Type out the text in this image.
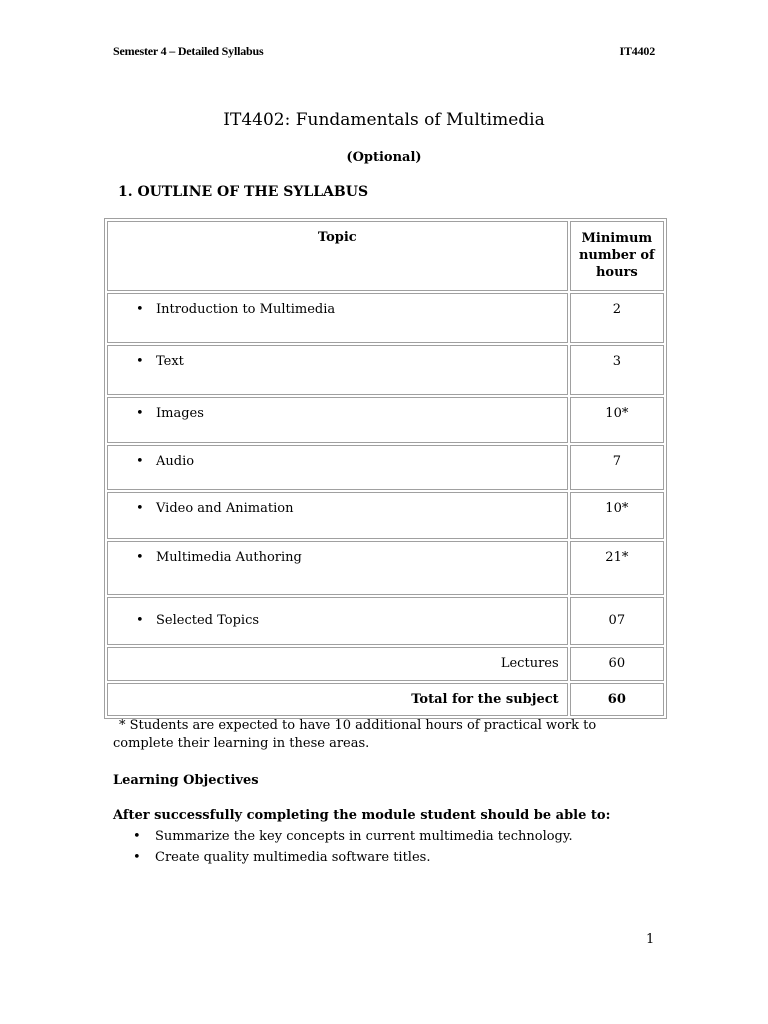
Semester 4 – Detailed Syllabus	IT4402
IT4402: Fundamentals of Multimedia
(Optional)
1. OUTLINE OF THE SYLLABUS
Topic	Minimum number of hours

• Introduction to Multimedia	2

• Text	3

• Images	10*

• Audio	7

• Video and Animation	10*

• Multimedia Authoring	21*

• Selected Topics	07
Lectures	60
Total for the subject	60
* Students are expected to have 10 additional hours of practical work to complete their learning in these areas.
Learning Objectives
After successfully completing the module student should be able to:
•	Summarize the key concepts in current multimedia technology.
•	Create quality multimedia software titles.
1
